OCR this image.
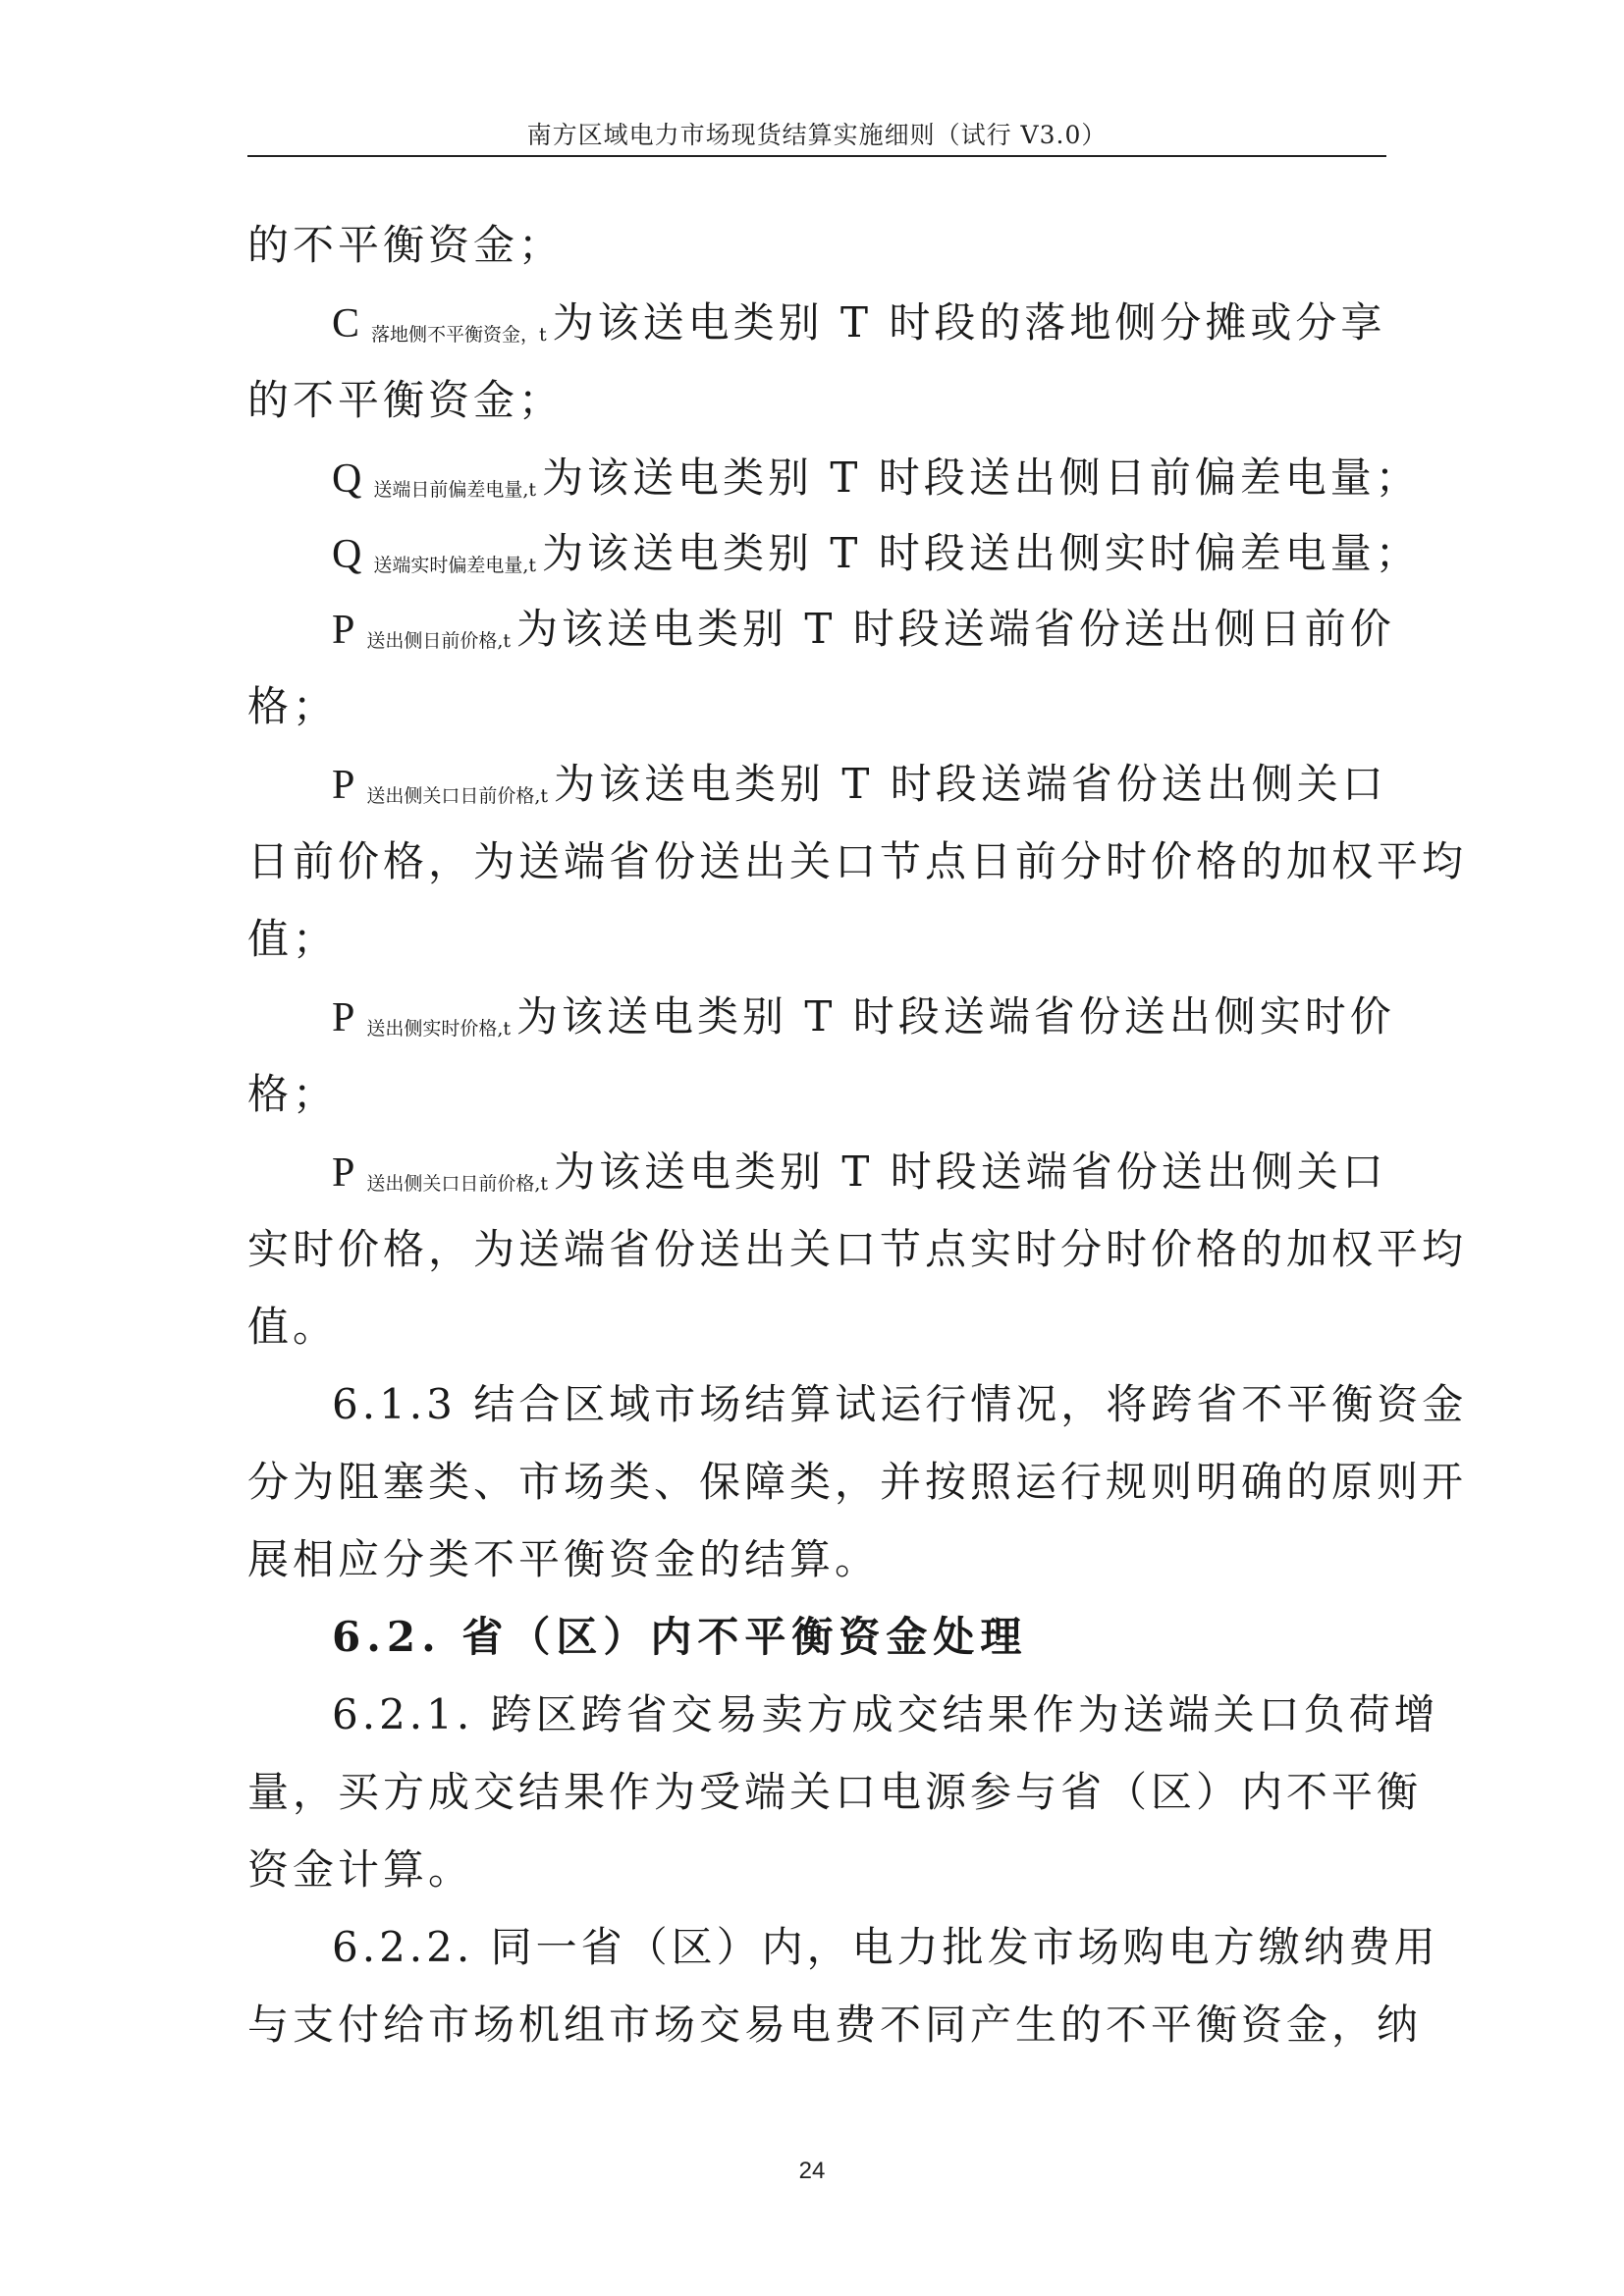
南方区域电力市场现货结算实施细则（试行 V3.0）
的不平衡资金；
C $_{落地侧不平衡资金,t}$ 为该送电类别 T 时段的落地侧分摊或分享
的不平衡资金；
Q $_{送端日前偏差电量,t}$ 为该送电类别 T 时段送出侧日前偏差电量；
Q $_{送端实时偏差电量,t}$ 为该送电类别 T 时段送出侧实时偏差电量；
P $_{送出侧日前价格,t}$ 为该送电类别 T 时段送端省份送出侧日前价
格；
P $_{送出侧关口日前价格,t}$ 为该送电类别 T 时段送端省份送出侧关口
日前价格，为送端省份送出关口节点日前分时价格的加权平均
值；
P $_{送出侧实时价格,t}$ 为该送电类别 T 时段送端省份送出侧实时价
格；
P $_{送出侧关口日前价格,t}$ 为该送电类别 T 时段送端省份送出侧关口
实时价格，为送端省份送出关口节点实时分时价格的加权平均
值。
6.1.3 结合区域市场结算试运行情况，将跨省不平衡资金
分为阻塞类、市场类、保障类，并按照运行规则明确的原则开
展相应分类不平衡资金的结算。
6.2. 省（区）内不平衡资金处理
6.2.1. 跨区跨省交易卖方成交结果作为送端关口负荷增
量，买方成交结果作为受端关口电源参与省（区）内不平衡
资金计算。
6.2.2. 同一省（区）内，电力批发市场购电方缴纳费用
与支付给市场机组市场交易电费不同产生的不平衡资金，纳
24
